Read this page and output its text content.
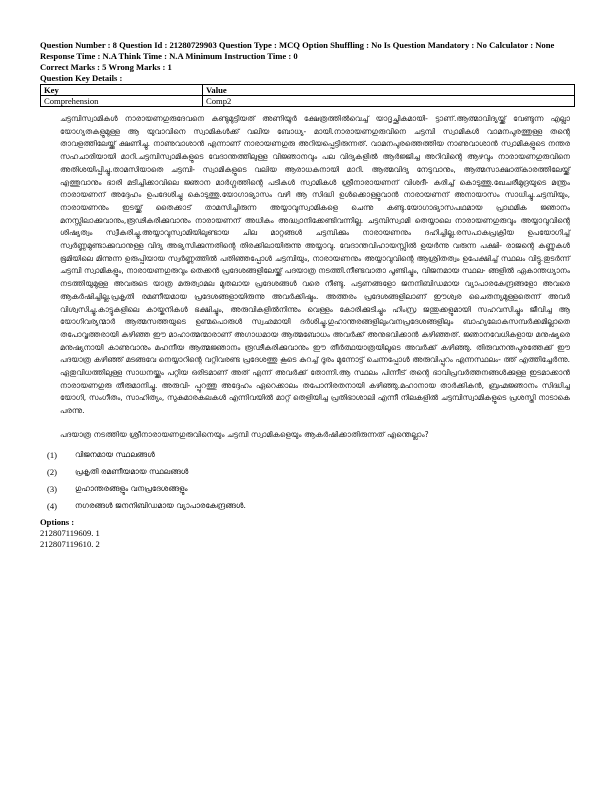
Question Number : 8 Question Id : 21280729903 Question Type : MCQ Option Shuffling : No Is Question Mandatory : No Calculator : None
Response Time : N.A Think Time : N.A Minimum Instruction Time : 0
Correct Marks : 5 Wrong Marks : 1
Question Key Details :
Key	Value
Comprehension	Comp2
ചട്ടമ്പിസ്വാമികൾ നാരായണഗുരുദേവനെ കണ്ടുമുട്ടിയത് അണിയൂർ ക്ഷേത്രത്തിൽവെച്ച് യാദൃച്ഛികമായി- ട്ടാണ്.ആത്മാവിദ്യയ്ക്ക് വേണ്ടുന്ന എല്ലാ യോഗ്യതകളുമുള്ള ആ യുവാവിനെ സ്വാമികൾക്ക് വലിയ ബോധ്യ- മായി.നാരായണഗുരുവിനെ ചട്ടമ്പി സ്വാമികൾ വാമനപുരത്തുള്ള തന്റെ താവളത്തിലേയ്ക്ക് ക്ഷണിച്ചു. നാണുവാശാൻ എന്നാണ് നാരായണഗുരു അറിയപ്പെട്ടിരുന്നത്. വാമനപുരത്തെത്തിയ നാണുവാശാൻ സ്വാമികളുടെ നന്തര സഹചാരിയായി മാറി.ചട്ടമ്പിസ്വാമികളുടെ വേദാന്തത്തിലുള്ള വിജ്ഞാനവും പല വിദ്യകളിൽ ആർജ്ജിച്ച അറിവിന്റെ ആഴവും നാരായണഗുരുവിനെ അതിശയിപ്പിച്ചു.താമസിയാതെ ചട്ടമ്പി- സ്വാമികളുടെ വലിയ ആരാധകനായി മാറി. ആത്മവിദ്യ നേടുവാനും, ആത്മസാക്ഷാത്കാരത്തിലേയ്ക്ക് എത്തുവാനും ഭാരി മടിച്ചിക്കാവിലെ ജ്ഞാന മാർഗ്ഗത്തിന്റെ പടികൾ സ്വാമികൾ ശ്രീനാരായണന് വിശദീ- കരിച്ച് കൊടുത്തു.ഖേചരീമുദ്രയുടെ മന്ത്രം നാരായണന് അദ്ദേഹം ഉപദേശിച്ചു കൊടുത്തു.യോഗാഭ്യാസം വഴി ആ സിദ്ധി ഉൾക്കൊള്ളുവാൻ നാരായണന് അനായാസം സാധിച്ചു.ചട്ടമ്പിയും, നാരായണനും ഇടയ്ക്ക് തൈക്കാട് താമസിച്ചിരുന്ന അയ്യാവുസ്വാമികളെ ചെന്നു കണ്ടു.യോഗാഭ്യാസപഥമായ പ്രാഥമിക ജ്ഞാനം മനസ്സിലാക്കുവാനും,രൂഢികരിക്കുവാനും നാരായണന് അധികം അദ്ധ്വാനിക്കേണ്ടിവന്നില്ല. ചട്ടമ്പിസ്വാമി തെയ്യാലെ നാരായണഗുരുവും അയ്യാവുവിന്റെ ശിഷ്യത്വം സ്വീകരിച്ചു.അയ്യാവുസ്വാമിയിലുണ്ടായ ചില മാറ്റങ്ങൾ ചട്ടമ്പിക്കും നാരായണനും ദഹിച്ചില്ല.രസപാകപ്രക്രിയ ഉപയോഗിച്ച് സ്വർണ്ണമുണ്ടാക്കുവാനുള്ള വിദ്യ അഭ്യസിക്കുന്നതിന്റെ തിരക്കിലായിരുന്നു അയ്യാവു. വേദാന്തവിഹായസ്സിൽ ഉയർന്നു വരുന്ന പക്ഷി- രാജന്റെ കണ്ണുകൾ ഭൂമിയിലെ മിന്നുന്ന ഉരുപ്പിയായ സ്വർണ്ണത്തിൽ പതിഞ്ഞപ്പോൾ ചട്ടമ്പിയും, നാരായണനും അയ്യാവുവിന്റെ ആശ്രിതത്വം ഉപേക്ഷിച്ച് സ്ഥലം വിട്ടു.തുടർന്ന് ചട്ടമ്പി സ്വാമികളും, നാരായണഗുരുവും തെക്കൻ പ്രദേശങ്ങളിലേയ്ക്ക് പദയാത്ര നടത്തി.നീണ്ടവാതാ പൂണ്ടിച്ചും, വിജനമായ സ്ഥല- ങ്ങളിൽ ഏകാന്തധ്യാനം നടത്തിയുമുള്ള അവരുടെ യാത്ര മരുത്വാമല മുതലായ പ്രദേശങ്ങൾ വരെ നീണ്ടു. പട്ടണങ്ങളോ ജനനിബിഡമായ വ്യാപാരകേന്ദ്രങ്ങളോ അവരെ ആകർഷിച്ചില്ല.പ്രകൃതി രമണീയമായ പ്രദേശങ്ങളായിരുന്നു അവർക്കിഷ്ടം. അത്തരം പ്രദേശങ്ങളിലാണ് ഈശ്വര ചൈതന്യമുള്ളതെന്ന് അവർ വിശ്വസിച്ചു.കാട്ടുകളിലെ കായ്കനികൾ ഭക്ഷിച്ചും, അരുവികളിൽനിന്നും വെള്ളം കോരിക്കുടിച്ചും ഹിംസ്ര ജന്തുക്കളുമായി സഹവസിച്ചും ജീവിച്ച ആ യോഗിവര്യന്മാർ ആത്മസത്തയുടെ ഉണ്മപൊരുൾ സ്വഛമായി ദർശിച്ചു.ഗുഹാന്തരങ്ങളിലുംവനപ്രദേശങ്ങളിലും ബാഹ്യലോകസമ്പർക്കമില്ലാതെ തപോവൃത്തരായി കഴിഞ്ഞ ഈ മാഹാത്മന്മാരാണ് അഗാധമായ ആത്മബോധം അവർക്ക് അനുഭവിക്കാൻ കഴിഞ്ഞത്. ജ്ഞാനവേധികളായ മനുഷ്യരെ മനുഷ്യനായി കാണുവാനും മഹനീയ ആത്മജ്ഞാനം രൂഢീകരിക്കുവാനും ഈ തീർത്ഥയാത്രയിലൂടെ അവർക്ക് കഴിഞ്ഞു. തിരുവനന്തപുരത്തേക്ക് ഈ പദയാത്ര കഴിഞ്ഞ് മടങ്ങവേ നെയ്യാറിന്റെ വറ്റിവരണ്ട പ്രദേശത്തു കൂടെ കുറച്ച് ദൂരം മുന്നോട്ട് ചെന്നപ്പോൾ അരുവിപ്പുറം എന്നസ്ഥലം- ത്ത് എത്തിച്ചേർന്നു. ഏതുവിധത്തിലുള്ള സാധനയ്ക്കും പറ്റിയ ഒരിടമാണ് അത് എന്ന് അവർക്ക് തോന്നി.ആ സ്ഥലം പിന്നീട് തന്റെ ഭാവിപ്രവർത്തനങ്ങൾക്കുള്ള ഇടമാക്കാൻ നാരായണഗുരു തീരുമാനിച്ചു. അരുവി- പ്പുറത്തു അദ്ദേഹം ഏറെക്കാലം തപോനിരതനായി കഴിഞ്ഞു.മഹാനായ താർക്കികൻ, ബ്രഹ്മജ്ഞാനം സിദ്ധിച്ച യോഗി, സംഗീതം, സാഹിത്യം, സുകുമാരകലകൾ എന്നിവയിൽ മാറ്റ് തെളിയിച്ച പ്രതിഭാശാലി എന്നീ നിലകളിൽ ചട്ടമ്പിസ്വാമികളുടെ പ്രശസ്തി നാടാകെ പരന്നു.
പദയാത്ര നടത്തിയ ശ്രീനാരായണഗുരുവിനെയും ചട്ടമ്പി സ്വാമികളെയും ആകർഷിക്കാതിരുന്നത് എന്തെല്ലാം?
(1)	വിജനമായ സ്ഥലങ്ങൾ
(2)	പ്രകൃതി രമണീയമായ സ്ഥലങ്ങൾ
(3)	ഗുഹാന്തരങ്ങളും വനപ്രദേശങ്ങളും
(4)	നഗരങ്ങൾ ജനനിബിഡമായ വ്യാപാരകേന്ദ്രങ്ങൾ.
Options :
212807119609. 1
212807119610. 2
